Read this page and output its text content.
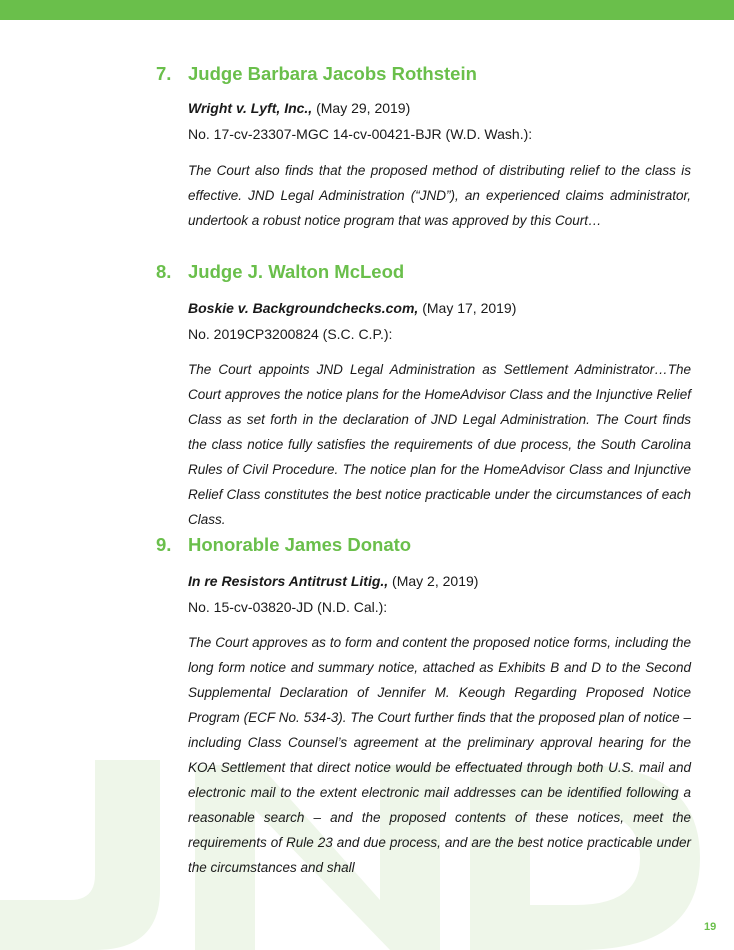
7. Judge Barbara Jacobs Rothstein
Wright v. Lyft, Inc., (May 29, 2019)
No. 17-cv-23307-MGC 14-cv-00421-BJR (W.D. Wash.):

The Court also finds that the proposed method of distributing relief to the class is effective. JND Legal Administration (“JND”), an experienced claims administrator, undertook a robust notice program that was approved by this Court…

8. Judge J. Walton McLeod
Boskie v. Backgroundchecks.com, (May 17, 2019)
No. 2019CP3200824 (S.C. C.P.):

The Court appoints JND Legal Administration as Settlement Administrator…The Court approves the notice plans for the HomeAdvisor Class and the Injunctive Relief Class as set forth in the declaration of JND Legal Administration. The Court finds the class notice fully satisfies the requirements of due process, the South Carolina Rules of Civil Procedure. The notice plan for the HomeAdvisor Class and Injunctive Relief Class constitutes the best notice practicable under the circumstances of each Class.

9. Honorable James Donato
In re Resistors Antitrust Litig., (May 2, 2019)
No. 15-cv-03820-JD (N.D. Cal.):

The Court approves as to form and content the proposed notice forms, including the long form notice and summary notice, attached as Exhibits B and D to the Second Supplemental Declaration of Jennifer M. Keough Regarding Proposed Notice Program (ECF No. 534-3). The Court further finds that the proposed plan of notice – including Class Counsel’s agreement at the preliminary approval hearing for the KOA Settlement that direct notice would be effectuated through both U.S. mail and electronic mail to the extent electronic mail addresses can be identified following a reasonable search – and the proposed contents of these notices, meet the requirements of Rule 23 and due process, and are the best notice practicable under the circumstances and shall

19
